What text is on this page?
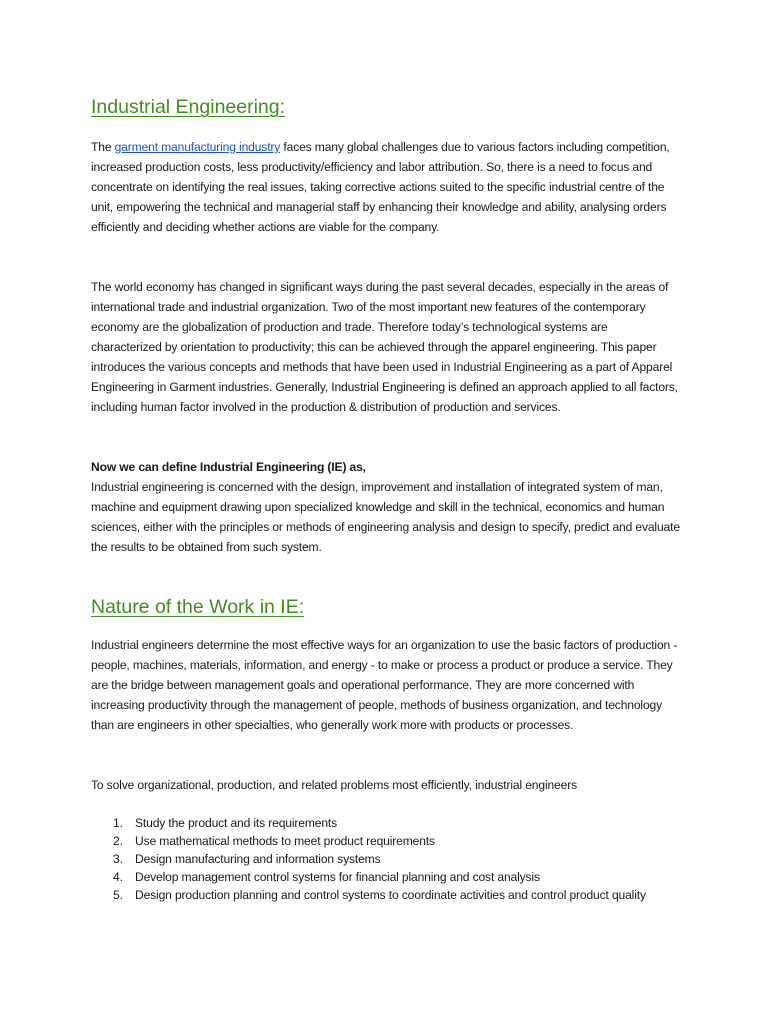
Industrial Engineering:

The garment manufacturing industry faces many global challenges due to various factors including competition, increased production costs, less productivity/efficiency and labor attribution. So, there is a need to focus and concentrate on identifying the real issues, taking corrective actions suited to the specific industrial centre of the unit, empowering the technical and managerial staff by enhancing their knowledge and ability, analysing orders efficiently and deciding whether actions are viable for the company.

The world economy has changed in significant ways during the past several decades, especially in the areas of international trade and industrial organization. Two of the most important new features of the contemporary economy are the globalization of production and trade. Therefore today’s technological systems are characterized by orientation to productivity; this can be achieved through the apparel engineering. This paper introduces the various concepts and methods that have been used in Industrial Engineering as a part of Apparel Engineering in Garment industries. Generally, Industrial Engineering is defined an approach applied to all factors, including human factor involved in the production & distribution of production and services.

Now we can define Industrial Engineering (IE) as,
Industrial engineering is concerned with the design, improvement and installation of integrated system of man, machine and equipment drawing upon specialized knowledge and skill in the technical, economics and human sciences, either with the principles or methods of engineering analysis and design to specify, predict and evaluate the results to be obtained from such system.

Nature of the Work in IE:

Industrial engineers determine the most effective ways for an organization to use the basic factors of production - people, machines, materials, information, and energy - to make or process a product or produce a service. They are the bridge between management goals and operational performance. They are more concerned with increasing productivity through the management of people, methods of business organization, and technology than are engineers in other specialties, who generally work more with products or processes.

To solve organizational, production, and related problems most efficiently, industrial engineers

1. Study the product and its requirements
2. Use mathematical methods to meet product requirements
3. Design manufacturing and information systems
4. Develop management control systems for financial planning and cost analysis
5. Design production planning and control systems to coordinate activities and control product quality
